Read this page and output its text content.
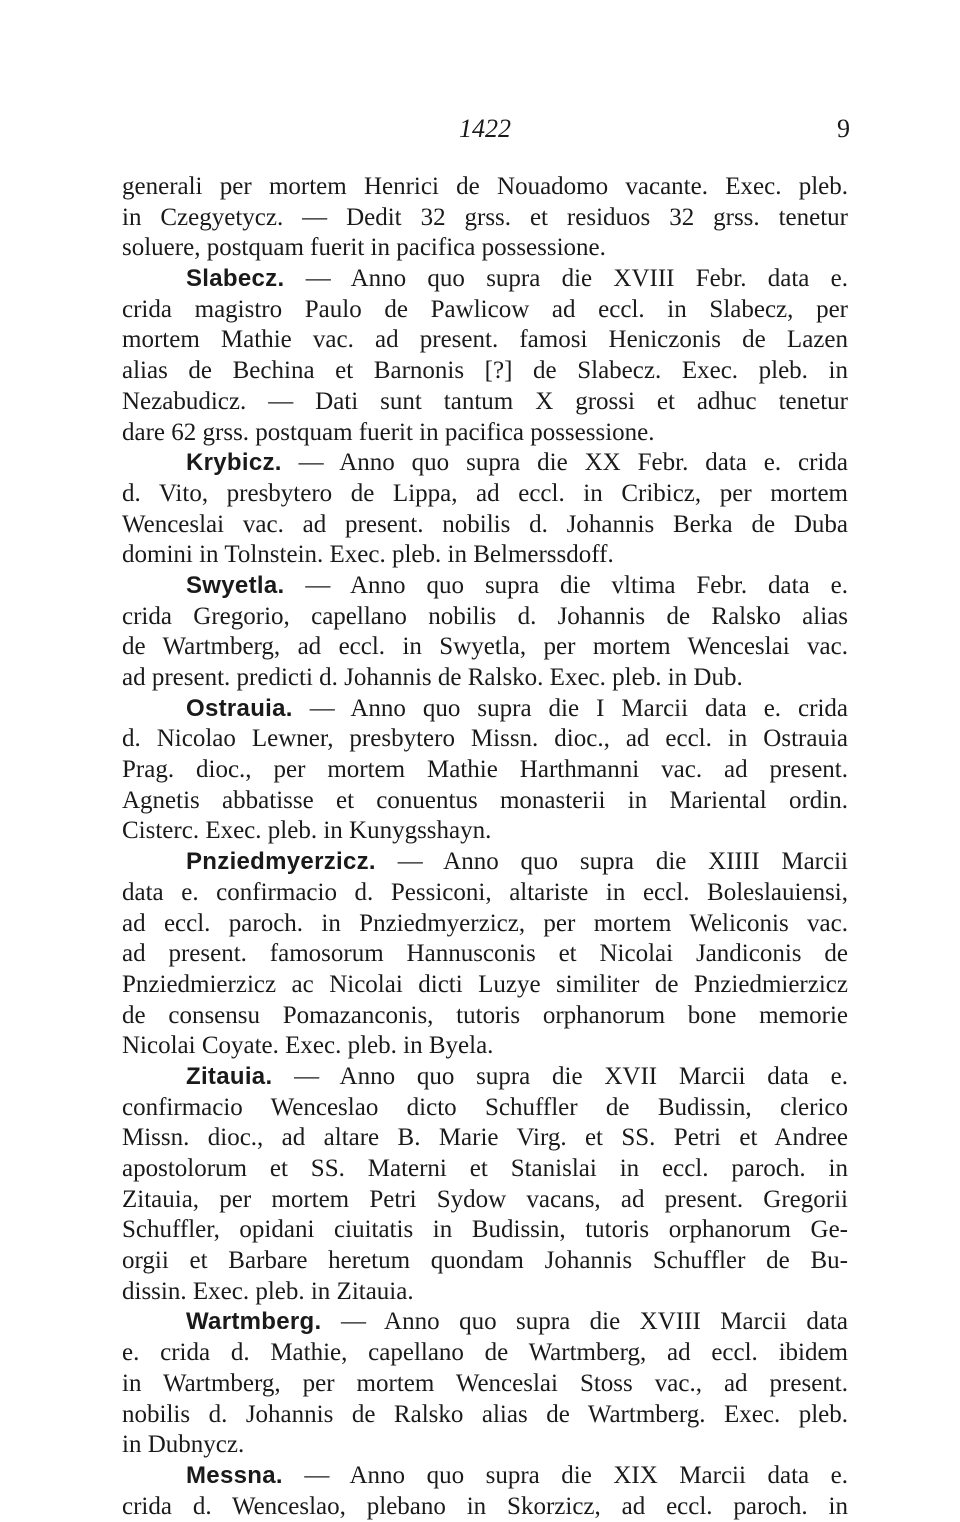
1422	9
generali per mortem Henrici de Nouadomo vacante. Exec. pleb.
in Czegyetycz. — Dedit 32 grss. et residuos 32 grss. tenetur
soluere, postquam fuerit in pacifica possessione.
Slabecz. — Anno quo supra die XVIII Febr. data e.
crida magistro Paulo de Pawlicow ad eccl. in Slabecz, per
mortem Mathie vac. ad present. famosi Heniczonis de Lazen
alias de Bechina et Barnonis [?] de Slabecz. Exec. pleb. in
Nezabudicz. — Dati sunt tantum X grossi et adhuc tenetur
dare 62 grss. postquam fuerit in pacifica possessione.
Krybicz. — Anno quo supra die XX Febr. data e. crida
d. Vito, presbytero de Lippa, ad eccl. in Cribicz, per mortem
Wenceslai vac. ad present. nobilis d. Johannis Berka de Duba
domini in Tolnstein. Exec. pleb. in Belmerssdoff.
Swyetla. — Anno quo supra die vltima Febr. data e.
crida Gregorio, capellano nobilis d. Johannis de Ralsko alias
de Wartmberg, ad eccl. in Swyetla, per mortem Wenceslai vac.
ad present. predicti d. Johannis de Ralsko. Exec. pleb. in Dub.
Ostrauia. — Anno quo supra die I Marcii data e. crida
d. Nicolao Lewner, presbytero Missn. dioc., ad eccl. in Ostrauia
Prag. dioc., per mortem Mathie Harthmanni vac. ad present.
Agnetis abbatisse et conuentus monasterii in Mariental ordin.
Cisterc. Exec. pleb. in Kunygsshayn.
Pnziedmyerzicz. — Anno quo supra die XIIII Marcii
data e. confirmacio d. Pessiconi, altariste in eccl. Boleslauiensi,
ad eccl. paroch. in Pnziedmyerzicz, per mortem Weliconis vac.
ad present. famosorum Hannusconis et Nicolai Jandiconis de
Pnziedmierzicz ac Nicolai dicti Luzye similiter de Pnziedmierzicz
de consensu Pomazanconis, tutoris orphanorum bone memorie
Nicolai Coyate. Exec. pleb. in Byela.
Zitauia. — Anno quo supra die XVII Marcii data e.
confirmacio Wenceslao dicto Schuffler de Budissin, clerico
Missn. dioc., ad altare B. Marie Virg. et SS. Petri et Andree
apostolorum et SS. Materni et Stanislai in eccl. paroch. in
Zitauia, per mortem Petri Sydow vacans, ad present. Gregorii
Schuffler, opidani ciuitatis in Budissin, tutoris orphanorum Ge-
orgii et Barbare heretum quondam Johannis Schuffler de Bu-
dissin. Exec. pleb. in Zitauia.
Wartmberg. — Anno quo supra die XVIII Marcii data
e. crida d. Mathie, capellano de Wartmberg, ad eccl. ibidem
in Wartmberg, per mortem Wenceslai Stoss vac., ad present.
nobilis d. Johannis de Ralsko alias de Wartmberg. Exec. pleb.
in Dubnycz.
Messna. — Anno quo supra die XIX Marcii data e.
crida d. Wenceslao, plebano in Skorzicz, ad eccl. paroch. in
